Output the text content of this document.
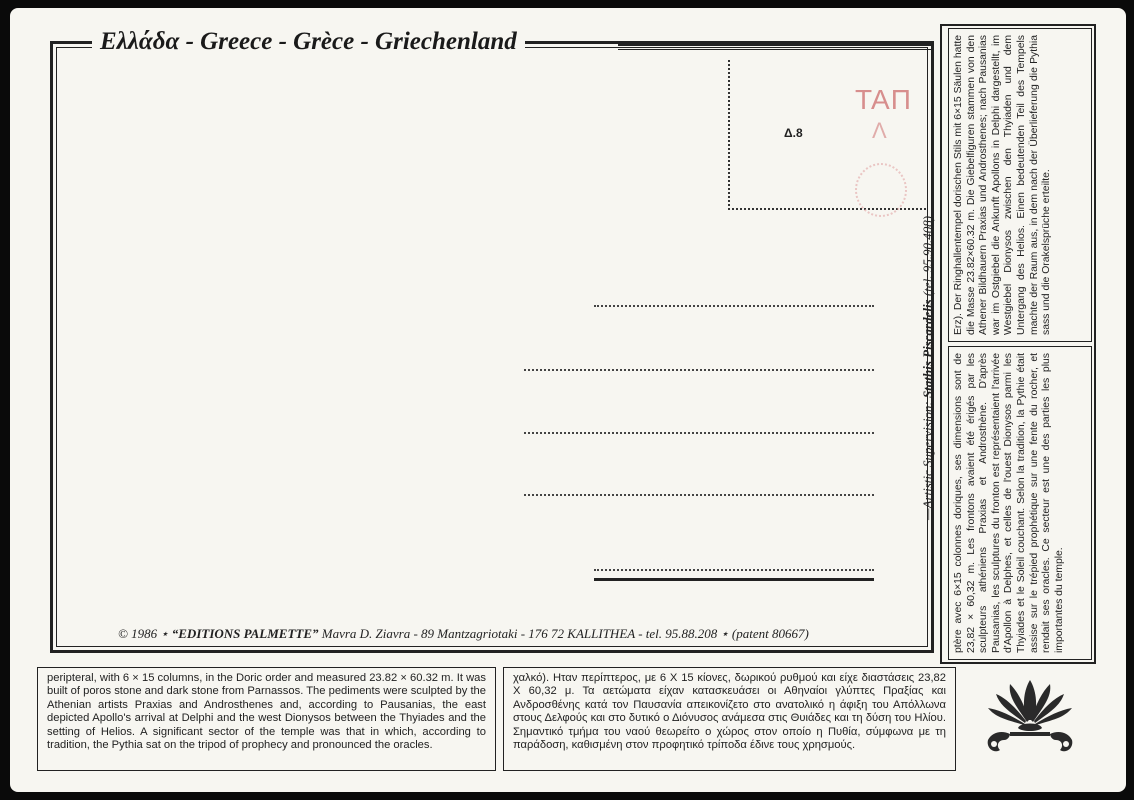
Ελλάδα - Greece - Grèce - Griechenland
Δ.8
ΤΑΠ
Λ
—Artistic Supervision: Stathis Piscardelis (tel. 95.90.408)
© 1986 ⋆ “EDITIONS PALMETTE” Mavra D. Ziavra - 89 Mantzagriotaki - 176 72 KALLITHEA - tel. 95.88.208 ⋆ (patent 80667)
Erz). Der Ringhallentempel dorischen Stils mit 6×15 Säulen hatte die Masse 23.82×60.32 m. Die Giebelfiguren stammen von den Athener Bildhauern Praxias und Androsthenes; nach Pausanias war im Ostgiebel die Ankunft Apollons in Delphi dargestellt, im Westgiebel Dionysos zwischen den Thyiaden und dem Untergang des Helios. Einen bedeutenden Teil des Tempels machte der Raum aus, in dem nach der Überlieferung die Pythia sass und die Orakelsprüche erteilte.
ptère avec 6×15 colonnes doriques, ses dimensions sont de 23,82 × 60,32 m. Les frontons avaient été érigés par les sculpteurs athéniens Praxias et Androsthène. D'après Pausanias, les sculptures du fronton est représentaient l'arrivée d'Apollon à Delphes, et celles de l'ouest Dionysos parmi les Thyiades et le Soleil couchant. Selon la tradition, la Pythie était assise sur le trépied prophétique sur une fente du rocher, et rendait ses oracles. Ce secteur est une des parties les plus importantes du temple.
peripteral, with 6 × 15 columns, in the Doric order and measured 23.82 × 60.32 m. It was built of poros stone and dark stone from Parnassos. The pediments were sculpted by the Athenian artists Praxias and Androsthenes and, according to Pausanias, the east depicted Apollo's arrival at Delphi and the west Dionysos between the Thyiades and the setting of Helios. A significant sector of the temple was that in which, according to tradition, the Pythia sat on the tripod of prophecy and pronounced the oracles.
χαλκό). Ηταν περίπτερος, με 6 Χ 15 κίονες, δωρικού ρυθμού και είχε διαστάσεις 23,82 Χ 60,32 μ. Τα αετώματα είχαν κατασκευάσει οι Αθηναίοι γλύπτες Πραξίας και Ανδροσθένης κατά τον Παυσανία απεικονίζετο στο ανατολικό η άφιξη του Απόλλωνα στους Δελφούς και στο δυτικό ο Διόνυσος ανάμεσα στις Θυιάδες και τη δύση του Ηλίου. Σημαντικό τμήμα του ναού θεωρείτο ο χώρος στον οποίο η Πυθία, σύμφωνα με τη παράδοση, καθισμένη στον προφητικό τρίποδα έδινε τους χρησμούς.
